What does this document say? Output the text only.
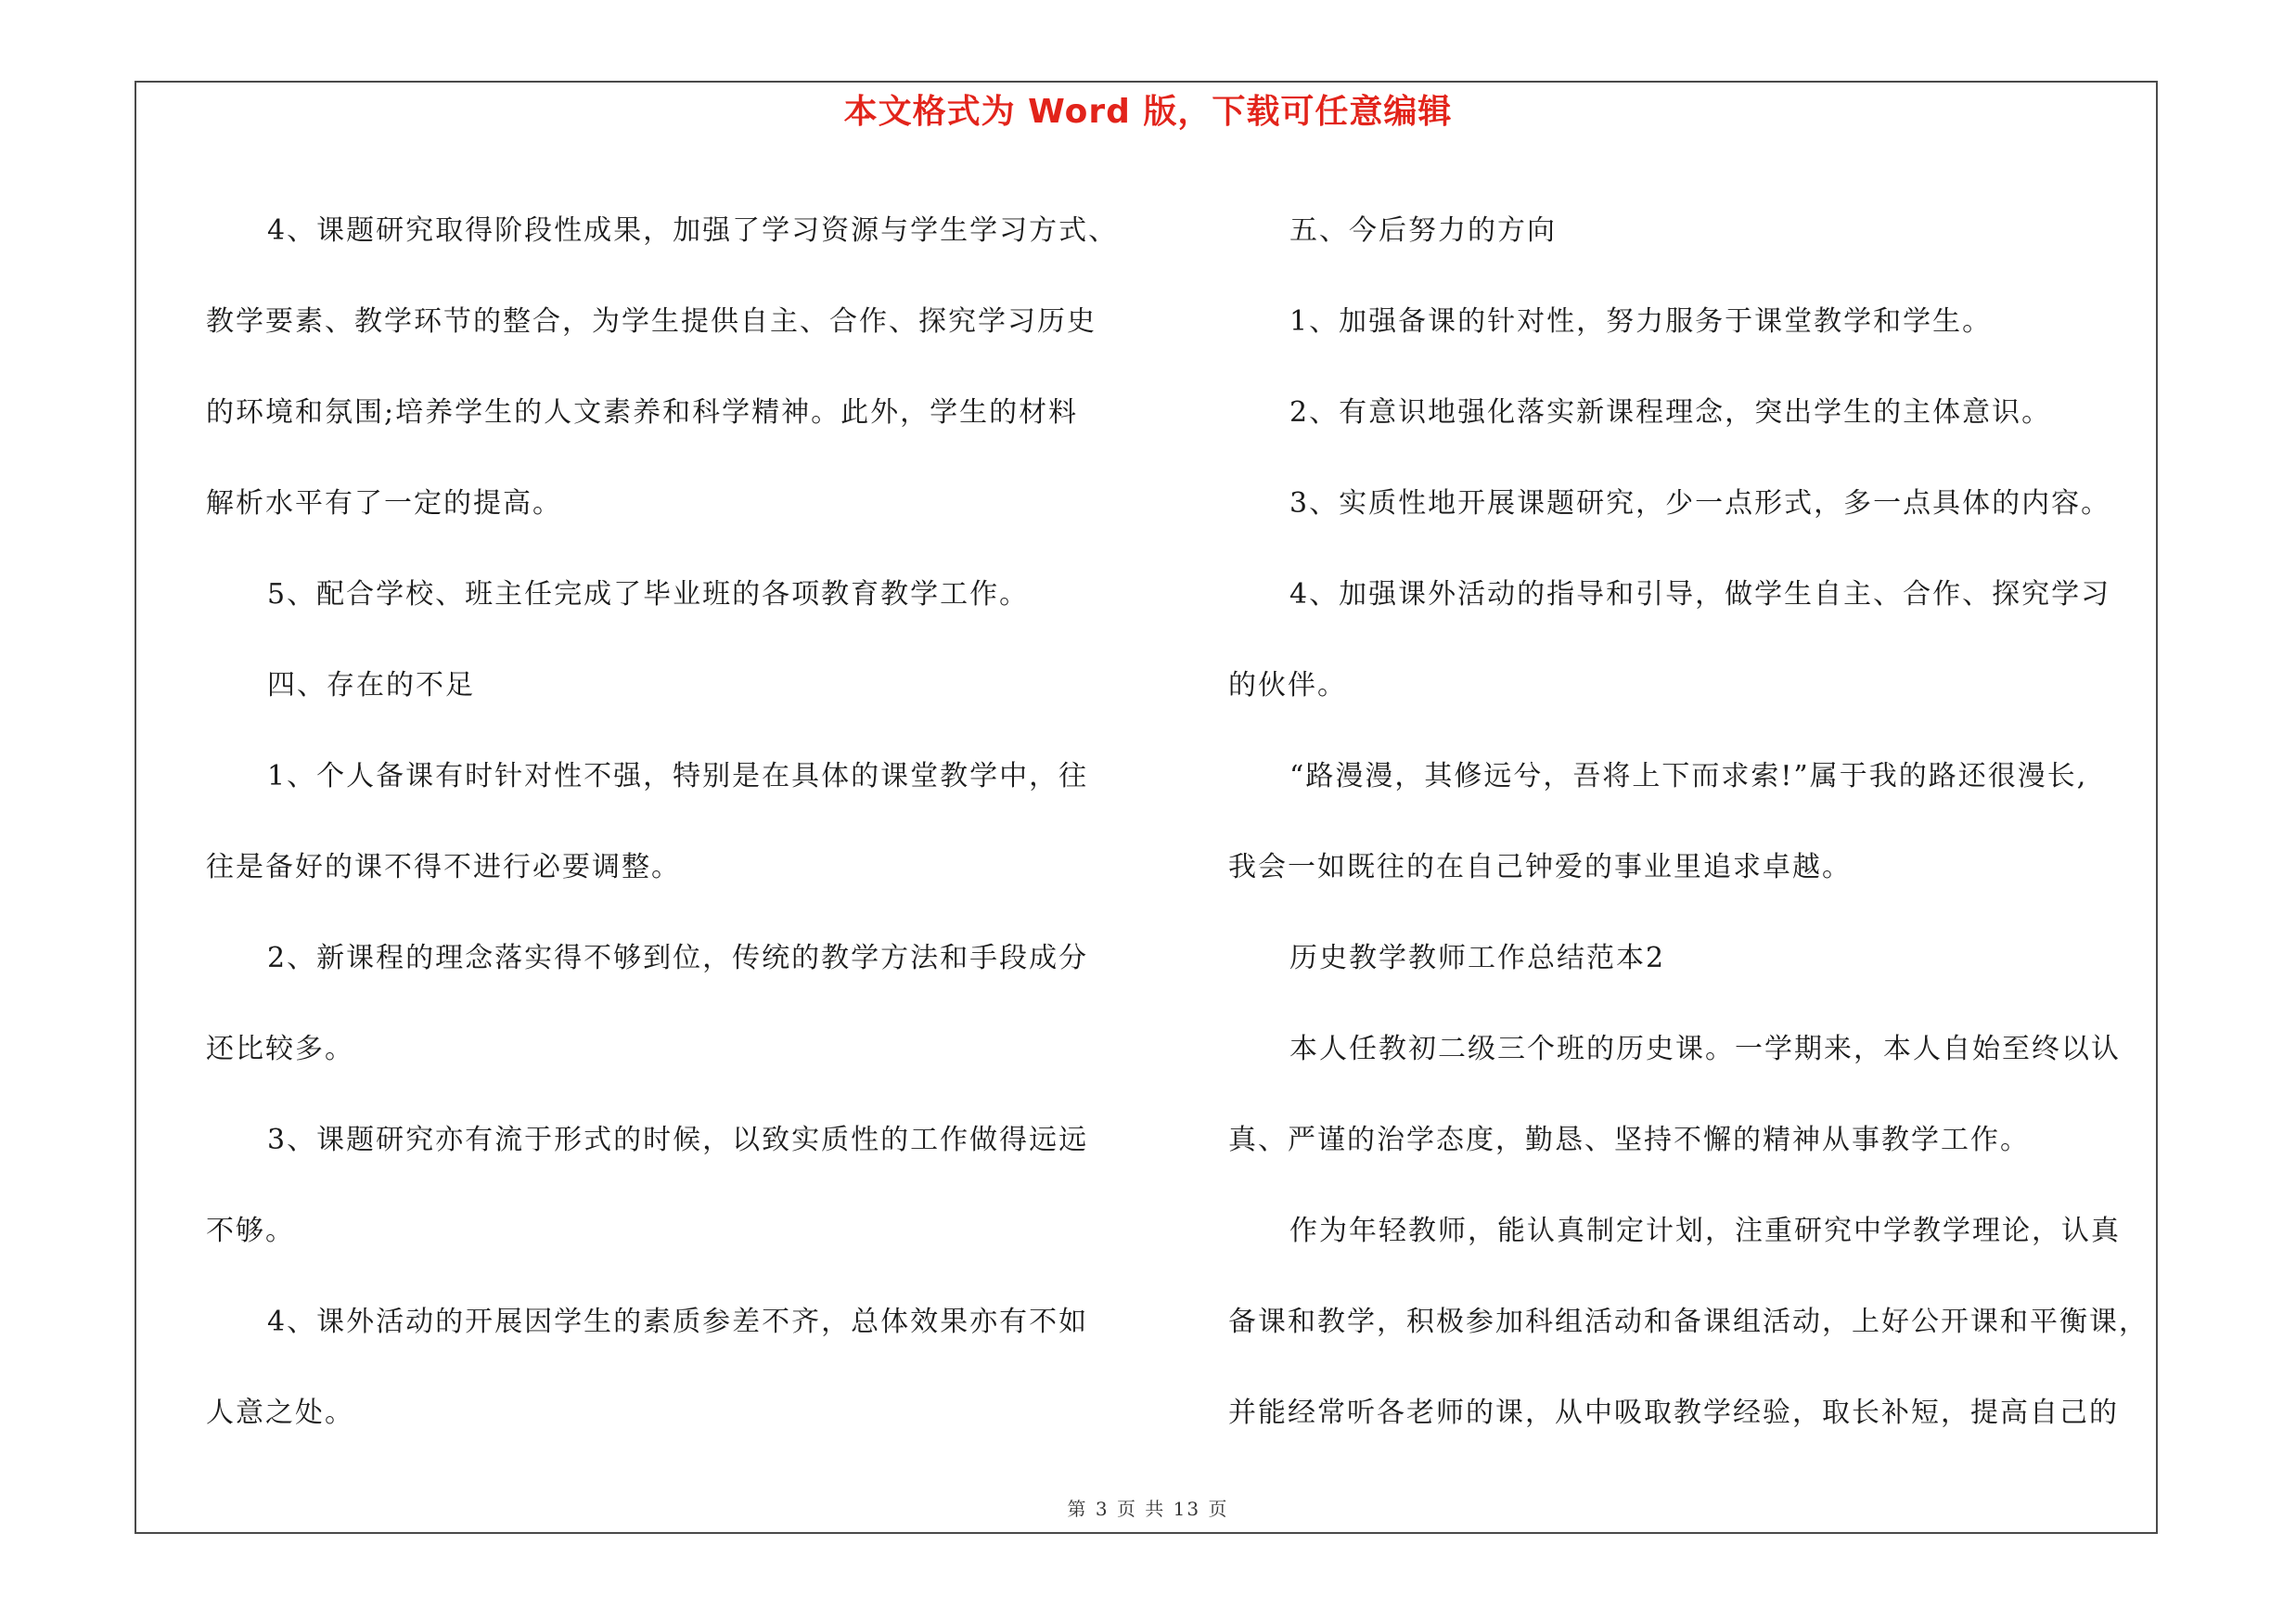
本文格式为 Word 版，下载可任意编辑
4、课题研究取得阶段性成果，加强了学习资源与学生学习方式、
教学要素、教学环节的整合，为学生提供自主、合作、探究学习历史
的环境和氛围;培养学生的人文素养和科学精神。此外，学生的材料
解析水平有了一定的提高。
5、配合学校、班主任完成了毕业班的各项教育教学工作。
四、存在的不足
1、个人备课有时针对性不强，特别是在具体的课堂教学中，往
往是备好的课不得不进行必要调整。
2、新课程的理念落实得不够到位，传统的教学方法和手段成分
还比较多。
3、课题研究亦有流于形式的时候，以致实质性的工作做得远远
不够。
4、课外活动的开展因学生的素质参差不齐，总体效果亦有不如
人意之处。
五、今后努力的方向
1、加强备课的针对性，努力服务于课堂教学和学生。
2、有意识地强化落实新课程理念，突出学生的主体意识。
3、实质性地开展课题研究，少一点形式，多一点具体的内容。
4、加强课外活动的指导和引导，做学生自主、合作、探究学习
的伙伴。
“路漫漫，其修远兮，吾将上下而求索!”属于我的路还很漫长,
我会一如既往的在自己钟爱的事业里追求卓越。
历史教学教师工作总结范本2
本人任教初二级三个班的历史课。一学期来，本人自始至终以认
真、严谨的治学态度，勤恳、坚持不懈的精神从事教学工作。
作为年轻教师，能认真制定计划，注重研究中学教学理论，认真
备课和教学，积极参加科组活动和备课组活动，上好公开课和平衡课，
并能经常听各老师的课，从中吸取教学经验，取长补短，提高自己的
第 3 页 共 13 页
